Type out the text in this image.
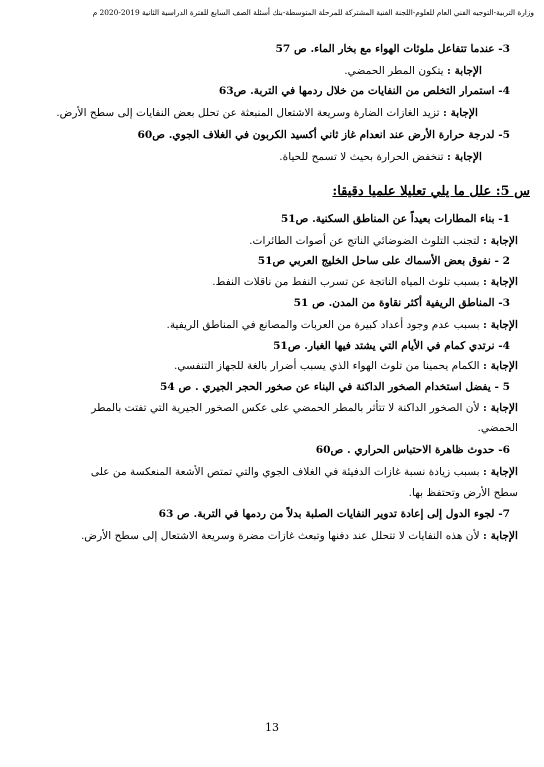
وزارة التربية-التوجيه الفني العام للعلوم-اللجنة الفنية المشتركة للمرحلة المتوسطة-بنك أسئلة الصف السابع للفترة الدراسية الثانية 2019-2020 م
3- عندما تتفاعل ملوثات الهواء مع بخار الماء. ص 57
الإجابة : يتكون المطر الحمضي.
4- استمرار التخلص من النفايات من خلال ردمها في التربة. ص63
الإجابة : تزيد الغازات الضارة وسريعة الاشتعال المنبعثة عن تحلل بعض النفايات إلى سطح الأرض.
5- لدرجة حرارة الأرض عند انعدام غاز ثاني أكسيد الكربون في الغلاف الجوي. ص60
الإجابة : تنخفض الحرارة بحيث لا تسمح للحياة.
س 5: علل ما يلي تعليلا علميا دقيقا:
1- بناء المطارات بعيداً عن المناطق السكنية. ص51
الإجابة : لتجنب التلوث الضوضائي الناتج عن أصوات الطائرات.
2 - نفوق بعض الأسماك على ساحل الخليج العربي ص51
الإجابة : بسبب تلوث المياه الناتجة عن تسرب النفط من ناقلات النفط.
3- المناطق الريفية أكثر نقاوة من المدن. ص 51
الإجابة : بسبب عدم وجود أعداد كبيرة من العربات والمصانع في المناطق الريفية.
4- نرتدي كمام في الأيام التي يشتد فيها الغبار. ص51
الإجابة : الكمام يحمينا من تلوث الهواء الذي يسبب أضرار بالغة للجهاز التنفسي.
5 - يفضل استخدام الصخور الداكنة في البناء عن صخور الحجر الجيري . ص 54
الإجابة : لأن الصخور الداكنة لا تتأثر بالمطر الحمضي على عكس الصخور الجيرية التي تفتت بالمطر
الحمضي.
6- حدوث ظاهرة الاحتباس الحراري . ص60
الإجابة : بسبب زيادة نسبة غازات الدفيئة في الغلاف الجوي والتي تمتص الأشعة المنعكسة من على
سطح الأرض وتحتفظ بها.
7- لجوء الدول إلى إعادة تدوير النفايات الصلبة بدلاً من ردمها في التربة. ص 63
الإجابة : لأن هذه النفايات لا تتحلل عند دفنها وتبعث غازات مضرة وسريعة الاشتعال إلى سطح الأرض.
13
